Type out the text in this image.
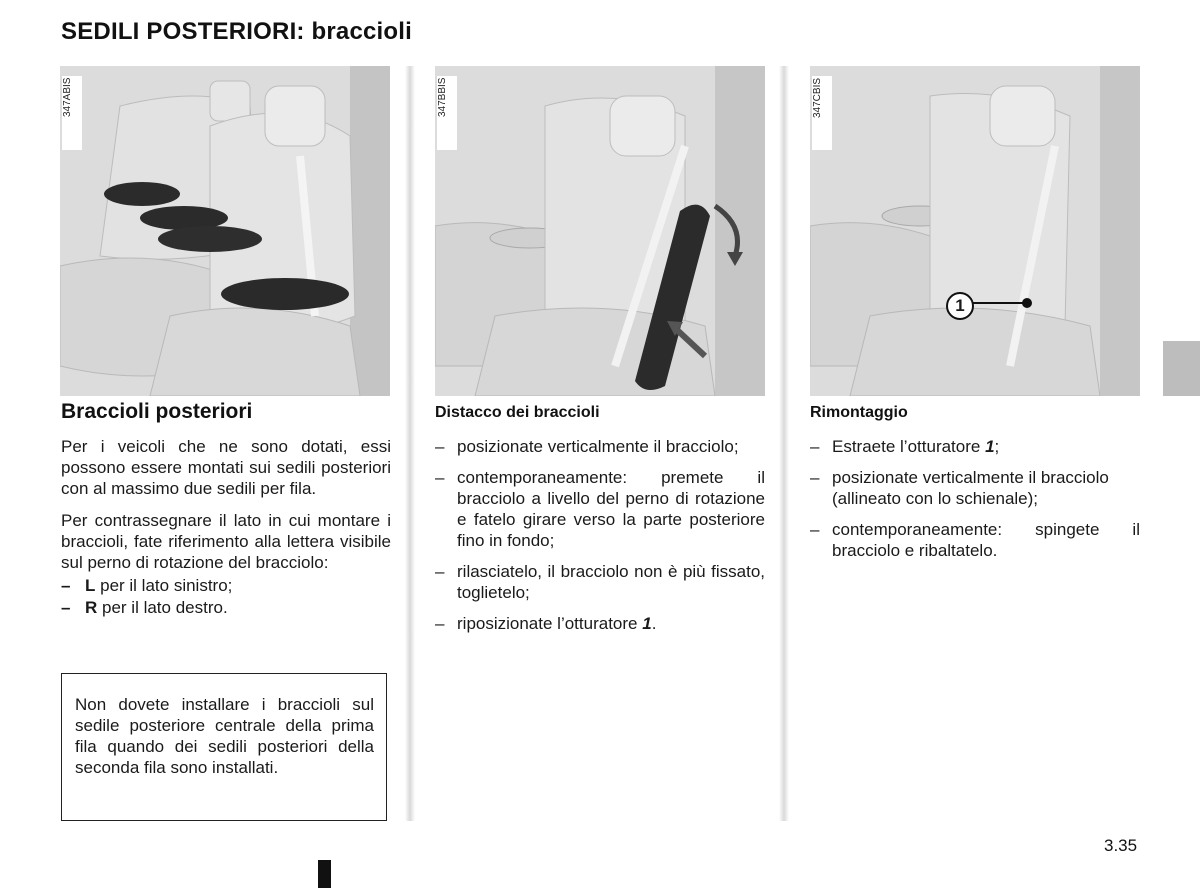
SEDILI POSTERIORI: braccioli
347ABIS	347BBIS	347CBIS
1
Braccioli posteriori

Per i veicoli che ne sono dotati, essi possono essere montati sui sedili posteriori con al massimo due sedili per fila.

Per contrassegnare il lato in cui montare i braccioli, fate riferimento alla lettera visibile sul perno di rotazione del bracciolo:

– L per il lato sinistro;
– R per il lato destro.

Non dovete installare i braccioli sul sedile posteriore centrale della prima fila quando dei sedili posteriori della seconda fila sono installati.

Distacco dei braccioli
– posizionate verticalmente il bracciolo;
– contemporaneamente: premete il bracciolo a livello del perno di rotazione e fatelo girare verso la parte posteriore fino in fondo;
– rilasciatelo, il bracciolo non è più fissato, toglietelo;
– riposizionate l’otturatore 1.
Rimontaggio
– Estraete l’otturatore 1;
– posizionate verticalmente il bracciolo (allineato con lo schienale);
– contemporaneamente: spingete il bracciolo e ribaltatelo.
3.35
